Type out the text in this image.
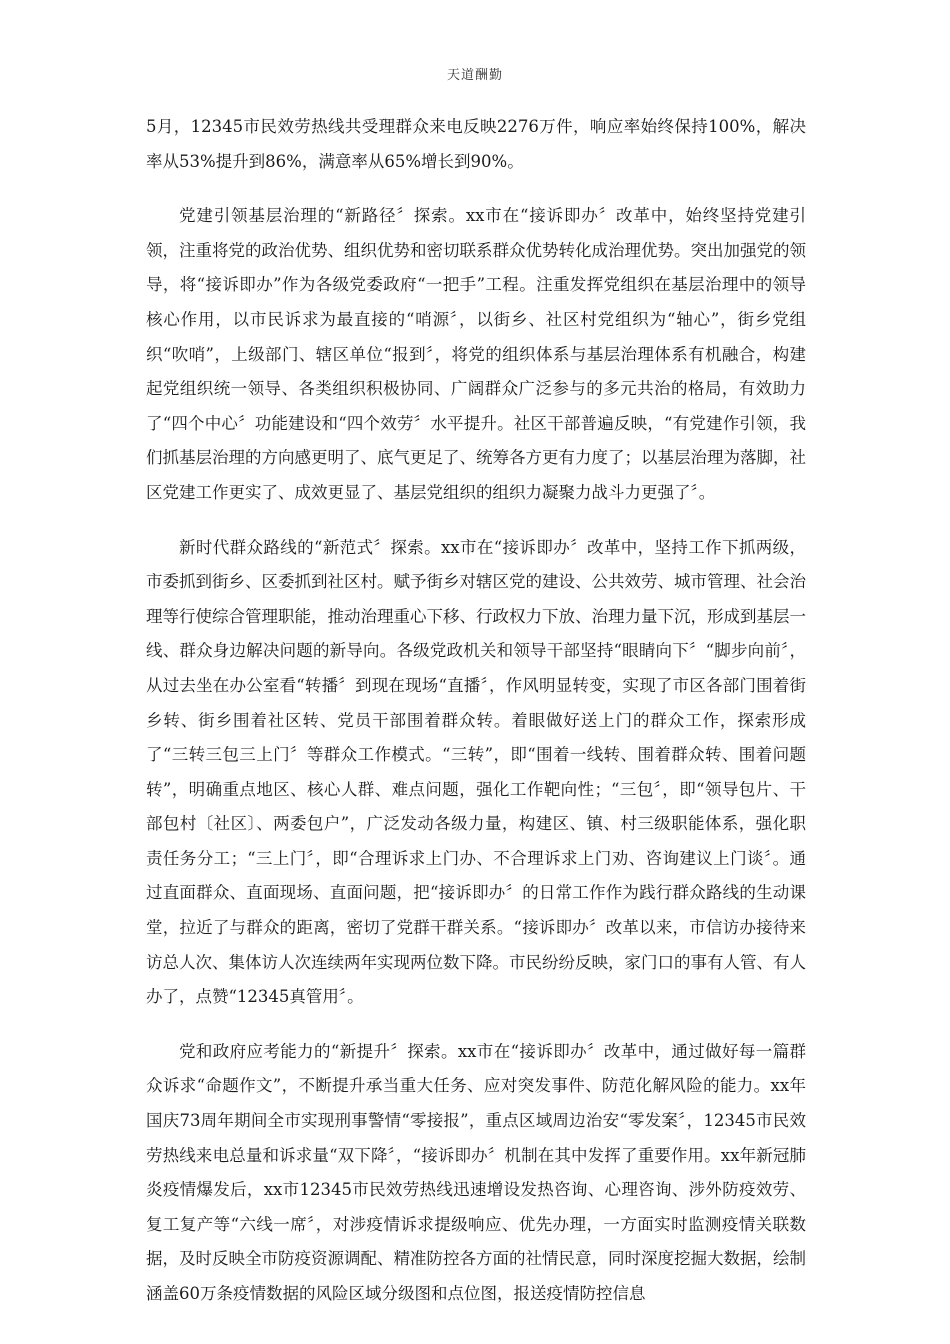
天道酬勤

5月，12345市民效劳热线共受理群众来电反映2276万件，响应率始终保持100%，解决率从53%提升到86%，满意率从65%增长到90%。

党建引领基层治理的“新路径〞探索。xx市在“接诉即办〞改革中，始终坚持党建引领，注重将党的政治优势、组织优势和密切联系群众优势转化成治理优势。突出加强党的领导，将“接诉即办”作为各级党委政府“一把手”工程。注重发挥党组织在基层治理中的领导核心作用，以市民诉求为最直接的“哨源〞，以街乡、社区村党组织为“轴心”，街乡党组织“吹哨”，上级部门、辖区单位“报到〞，将党的组织体系与基层治理体系有机融合，构建起党组织统一领导、各类组织积极协同、广阔群众广泛参与的多元共治的格局，有效助力了“四个中心〞功能建设和“四个效劳〞水平提升。社区干部普遍反映，“有党建作引领，我们抓基层治理的方向感更明了、底气更足了、统筹各方更有力度了；以基层治理为落脚，社区党建工作更实了、成效更显了、基层党组织的组织力凝聚力战斗力更强了〞。

新时代群众路线的“新范式〞探索。xx市在“接诉即办〞改革中，坚持工作下抓两级，市委抓到街乡、区委抓到社区村。赋予街乡对辖区党的建设、公共效劳、城市管理、社会治理等行使综合管理职能，推动治理重心下移、行政权力下放、治理力量下沉，形成到基层一线、群众身边解决问题的新导向。各级党政机关和领导干部坚持“眼睛向下〞“脚步向前〞，从过去坐在办公室看“转播〞到现在现场“直播〞，作风明显转变，实现了市区各部门围着街乡转、街乡围着社区转、党员干部围着群众转。着眼做好送上门的群众工作，探索形成了“三转三包三上门〞等群众工作模式。“三转”，即“围着一线转、围着群众转、围着问题转”，明确重点地区、核心人群、难点问题，强化工作靶向性；“三包〞，即“领导包片、干部包村〔社区〕、两委包户”，广泛发动各级力量，构建区、镇、村三级职能体系，强化职责任务分工；“三上门〞，即“合理诉求上门办、不合理诉求上门劝、咨询建议上门谈〞。通过直面群众、直面现场、直面问题，把“接诉即办〞的日常工作作为践行群众路线的生动课堂，拉近了与群众的距离，密切了党群干群关系。“接诉即办〞改革以来，市信访办接待来访总人次、集体访人次连续两年实现两位数下降。市民纷纷反映，家门口的事有人管、有人办了，点赞“12345真管用〞。

党和政府应考能力的“新提升〞探索。xx市在“接诉即办〞改革中，通过做好每一篇群众诉求“命题作文”，不断提升承当重大任务、应对突发事件、防范化解风险的能力。xx年国庆73周年期间全市实现刑事警情“零接报”，重点区域周边治安“零发案〞，12345市民效劳热线来电总量和诉求量“双下降〞，“接诉即办〞机制在其中发挥了重要作用。xx年新冠肺炎疫情爆发后，xx市12345市民效劳热线迅速增设发热咨询、心理咨询、涉外防疫效劳、复工复产等“六线一席〞，对涉疫情诉求提级响应、优先办理，一方面实时监测疫情关联数据，及时反映全市防疫资源调配、精准防控各方面的社情民意，同时深度挖掘大数据，绘制涵盖60万条疫情数据的风险区域分级图和点位图，报送疫情防控信息
